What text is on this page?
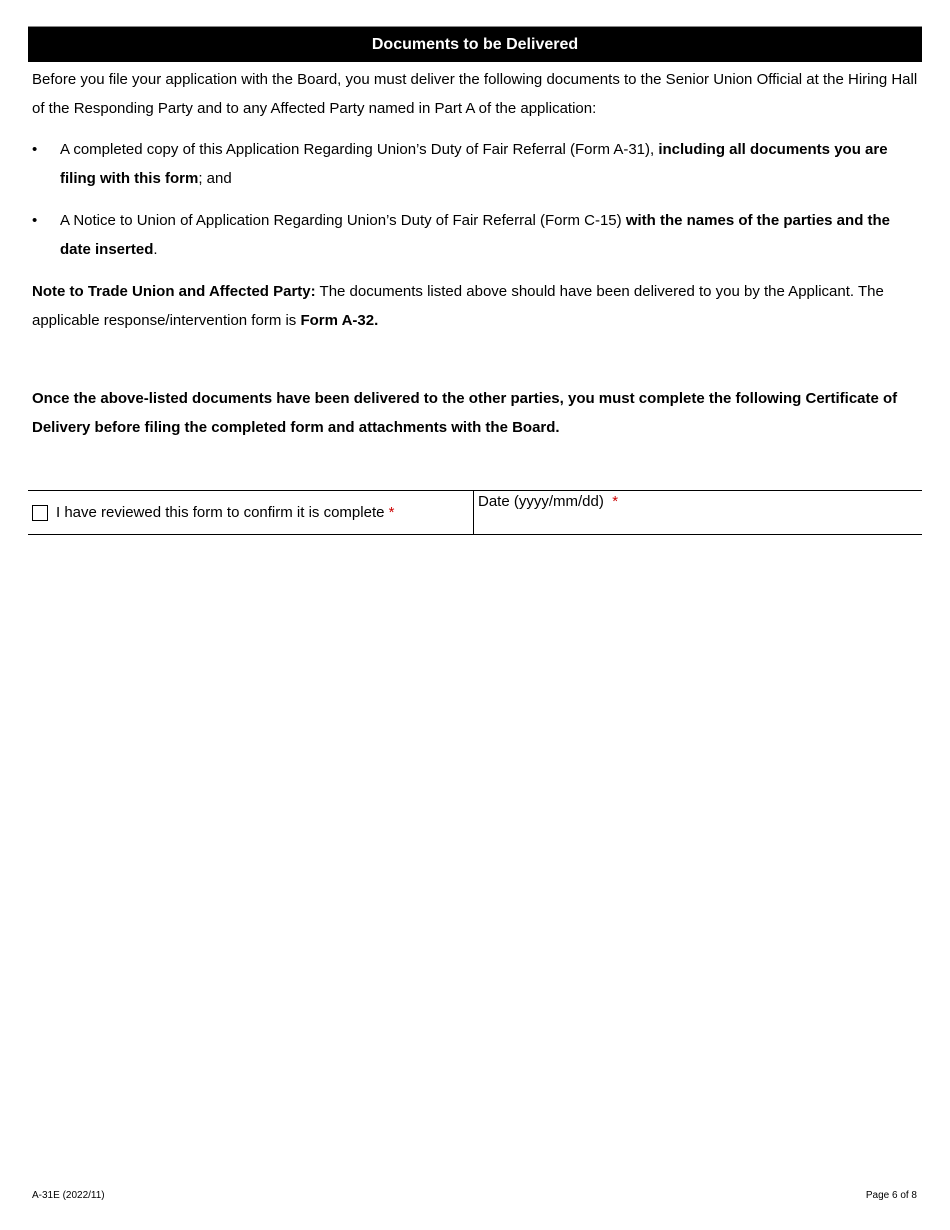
Documents to be Delivered

Before you file your application with the Board, you must deliver the following documents to the Senior Union Official at the Hiring Hall of the Responding Party and to any Affected Party named in Part A of the application:

• A completed copy of this Application Regarding Union’s Duty of Fair Referral (Form A-31), including all documents you are filing with this form; and
• A Notice to Union of Application Regarding Union’s Duty of Fair Referral (Form C-15) with the names of the parties and the date inserted.

Note to Trade Union and Affected Party: The documents listed above should have been delivered to you by the Applicant. The applicable response/intervention form is Form A-32.

Once the above-listed documents have been delivered to the other parties, you must complete the following Certificate of Delivery before filing the completed form and attachments with the Board.

I have reviewed this form to confirm it is complete *
Date (yyyy/mm/dd) *
A-31E (2022/11)	Page 6 of 8
